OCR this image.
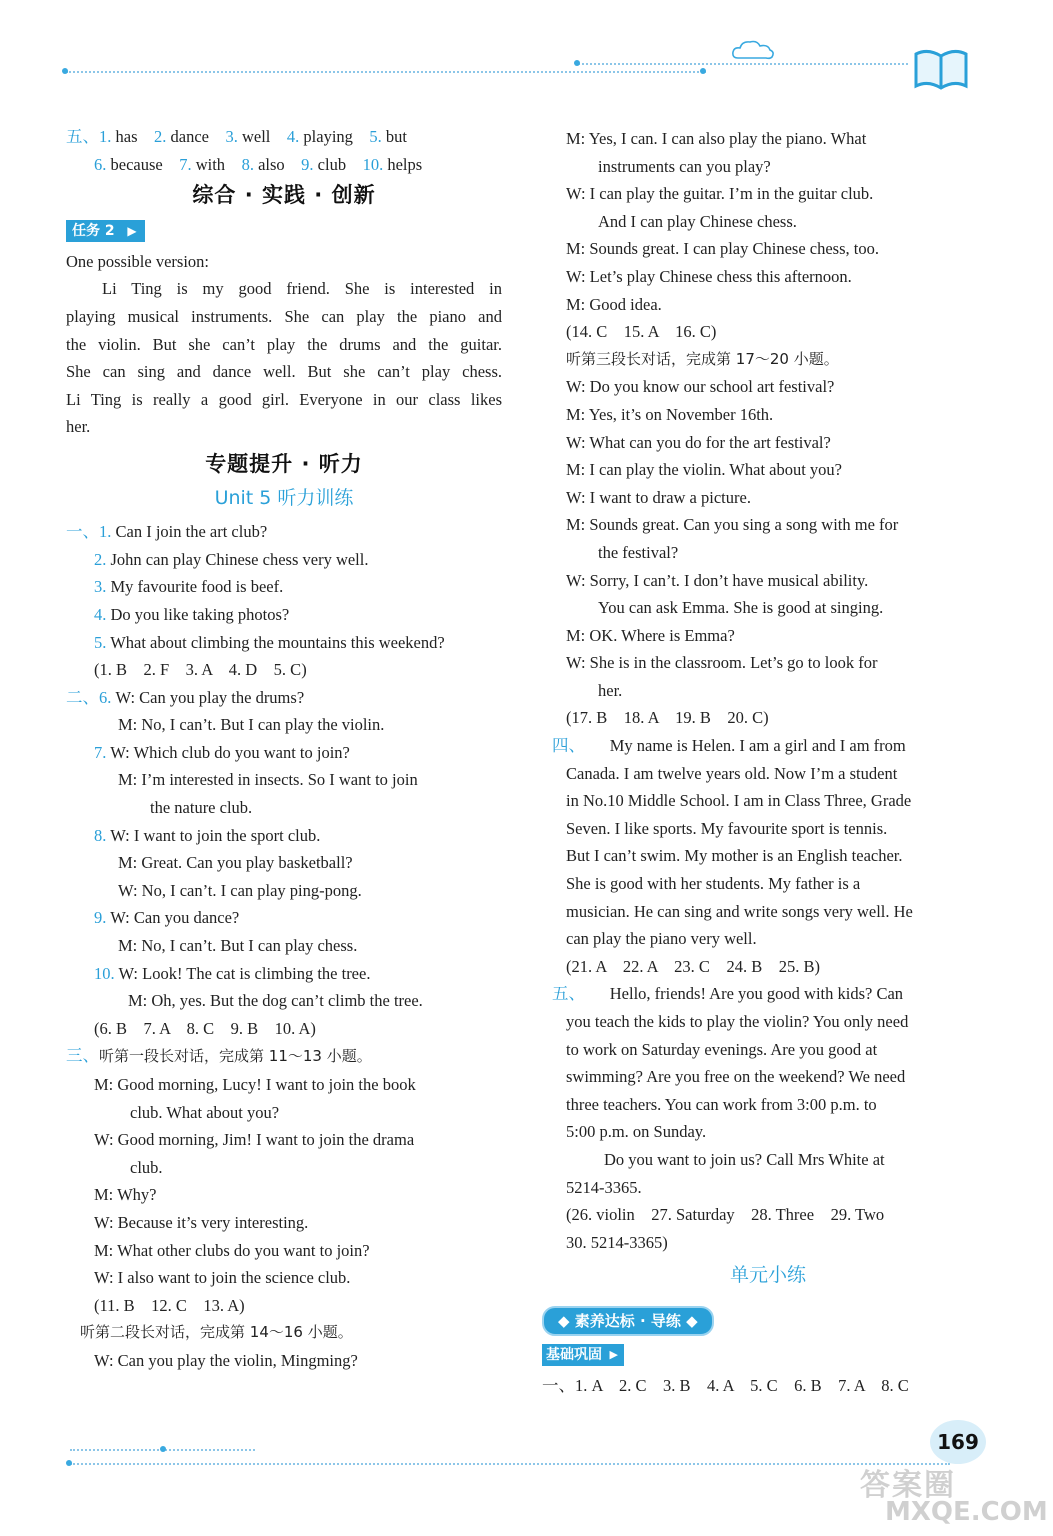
五、1. has　 2. dance　 3. well　 4. playing　 5. but
6. because　 7. with　 8. also　 9. club　 10. helps
综合 · 实践 · 创新
任务 2 ▶
One possible version:
Li Ting is my good friend. She is interested in
playing musical instruments. She can play the piano and
the violin. But she can’t play the drums and the guitar.
She can sing and dance well. But she can’t play chess.
Li Ting is really a good girl. Everyone in our class likes
her.
专题提升 · 听力
Unit 5 听力训练
一、1. Can I join the art club?
2. John can play Chinese chess very well.
3. My favourite food is beef.
4. Do you like taking photos?
5. What about climbing the mountains this weekend?
(1. B　2. F　3. A　4. D　5. C)
二、6. W: Can you play the drums?
M: No, I can’t. But I can play the violin.
7. W: Which club do you want to join?
M: I’m interested in insects. So I want to join
the nature club.
8. W: I want to join the sport club.
M: Great. Can you play basketball?
W: No, I can’t. I can play ping-pong.
9. W: Can you dance?
M: No, I can’t. But I can play chess.
10. W: Look! The cat is climbing the tree.
M: Oh, yes. But the dog can’t climb the tree.
(6. B　7. A　8. C　9. B　10. A)
三、听第一段长对话，完成第 11～13 小题。
M: Good morning, Lucy! I want to join the book
club. What about you?
W: Good morning, Jim! I want to join the drama
club.
M: Why?
W: Because it’s very interesting.
M: What other clubs do you want to join?
W: I also want to join the science club.
(11. B　12. C　13. A)
听第二段长对话，完成第 14～16 小题。
W: Can you play the violin, Mingming?
M: Yes, I can. I can also play the piano. What
instruments can you play?
W: I can play the guitar. I’m in the guitar club.
And I can play Chinese chess.
M: Sounds great. I can play Chinese chess, too.
W: Let’s play Chinese chess this afternoon.
M: Good idea.
(14. C　15. A　16. C)
听第三段长对话，完成第 17～20 小题。
W: Do you know our school art festival?
M: Yes, it’s on November 16th.
W: What can you do for the art festival?
M: I can play the violin. What about you?
W: I want to draw a picture.
M: Sounds great. Can you sing a song with me for
the festival?
W: Sorry, I can’t. I don’t have musical ability.
You can ask Emma. She is good at singing.
M: OK. Where is Emma?
W: She is in the classroom. Let’s go to look for
her.
(17. B　18. A　19. B　20. C)
四、　　 My name is Helen. I am a girl and I am from
Canada. I am twelve years old. Now I’m a student
in No.10 Middle School. I am in Class Three, Grade
Seven. I like sports. My favourite sport is tennis.
But I can’t swim. My mother is an English teacher.
She is good with her students. My father is a
musician. He can sing and write songs very well. He
can play the piano very well.
(21. A　22. A　23. C　24. B　25. B)
五、　　 Hello, friends! Are you good with kids? Can
you teach the kids to play the violin? You only need
to work on Saturday evenings. Are you good at
swimming? Are you free on the weekend? We need
three teachers. You can work from 3:00 p.m. to
5:00 p.m. on Sunday.
Do you want to join us? Call Mrs White at
5214-3365.
(26. violin　27. Saturday　28. Three　29. Two
30. 5214-3365)
单元小练
◆ 素养达标 · 导练 ◆
基础巩固 ▶
一、1. A　2. C　3. B　4. A　5. C　6. B　7. A　8. C
169
答案圈
MXQE.COM
